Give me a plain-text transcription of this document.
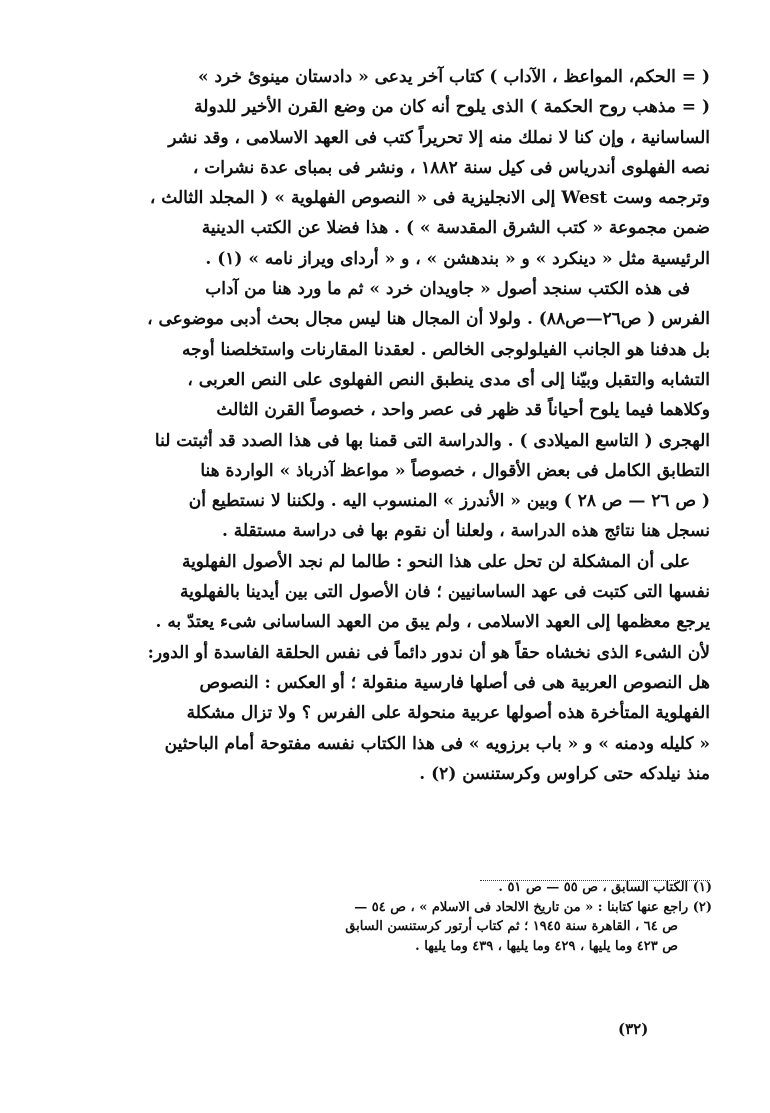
( = الحكم، المواعظ ، الآداب ) كتاب آخر يدعى « دادستان مينوئ خرد »
( = مذهب روح الحكمة ) الذى يلوح أنه كان من وضع القرن الأخير للدولة
الساسانية ، وإن كنا لا نملك منه إلا تحريراً كتب فى العهد الاسلامى ، وقد نشر
نصه الفهلوى أندرياس فى كيل سنة ١٨٨٢ ، ونشر فى بمباى عدة نشرات ،
وترجمه وست West إلى الانجليزية فى « النصوص الفهلوية » ( المجلد الثالث ،
ضمن مجموعة « كتب الشرق المقدسة » ) . هذا فضلا عن الكتب الدينية
الرئيسية مثل « دينكرد » و « بندهشن » ، و « أرداى ويراز نامه » (١) .

فى هذه الكتب سنجد أصول « جاويدان خرد » ثم ما ورد هنا من آداب
الفرس ( ص٢٦—ص٨٨) . ولولا أن المجال هنا ليس مجال بحث أدبى موضوعى ،
بل هدفنا هو الجانب الفيلولوجى الخالص . لعقدنا المقارنات واستخلصنا أوجه
التشابه والتقبل وبيّنا إلى أى مدى ينطبق النص الفهلوى على النص العربى ،
وكلاهما فيما يلوح أحياناً قد ظهر فى عصر واحد ، خصوصاً القرن الثالث
الهجرى ( التاسع الميلادى ) . والدراسة التى قمنا بها فى هذا الصدد قد أثبتت لنا
التطابق الكامل فى بعض الأقوال ، خصوصاً « مواعظ آذرباذ » الواردة هنا
( ص ٢٦ — ص ٢٨ ) وبين « الأندرز » المنسوب اليه . ولكننا لا نستطيع أن
نسجل هنا نتائج هذه الدراسة ، ولعلنا أن نقوم بها فى دراسة مستقلة .

على أن المشكلة لن تحل على هذا النحو : طالما لم نجد الأصول الفهلوية
نفسها التى كتبت فى عهد الساسانيين ؛ فان الأصول التى بين أيدينا بالفهلوية
يرجع معظمها إلى العهد الاسلامى ، ولم يبق من العهد الساسانى شىء يعتدّ به .
لأن الشىء الذى نخشاه حقاً هو أن ندور دائماً فى نفس الحلقة الفاسدة أو الدور:
هل النصوص العربية هى فى أصلها فارسية منقولة ؛ أو العكس : النصوص
الفهلوية المتأخرة هذه أصولها عربية منحولة على الفرس ؟ ولا تزال مشكلة
« كليله ودمنه » و « باب برزويه » فى هذا الكتاب نفسه مفتوحة أمام الباحثين
منذ نيلدكه حتى كراوس وكرستنسن (٢) .

(١) الكتاب السابق ، ص ٥٥ — ص ٥١ .

(٢) راجع عنها كتابنا : « من تاريخ الالحاد فى الاسلام » ، ص ٥٤ —

ص ٦٤ ، القاهرة سنة ١٩٤٥ ؛ ثم كتاب أرتور كرستنسن السابق

ص ٤٢٣ وما يليها ، ٤٢٩ وما يليها ، ٤٣٩ وما يليها .

(٣٢)
